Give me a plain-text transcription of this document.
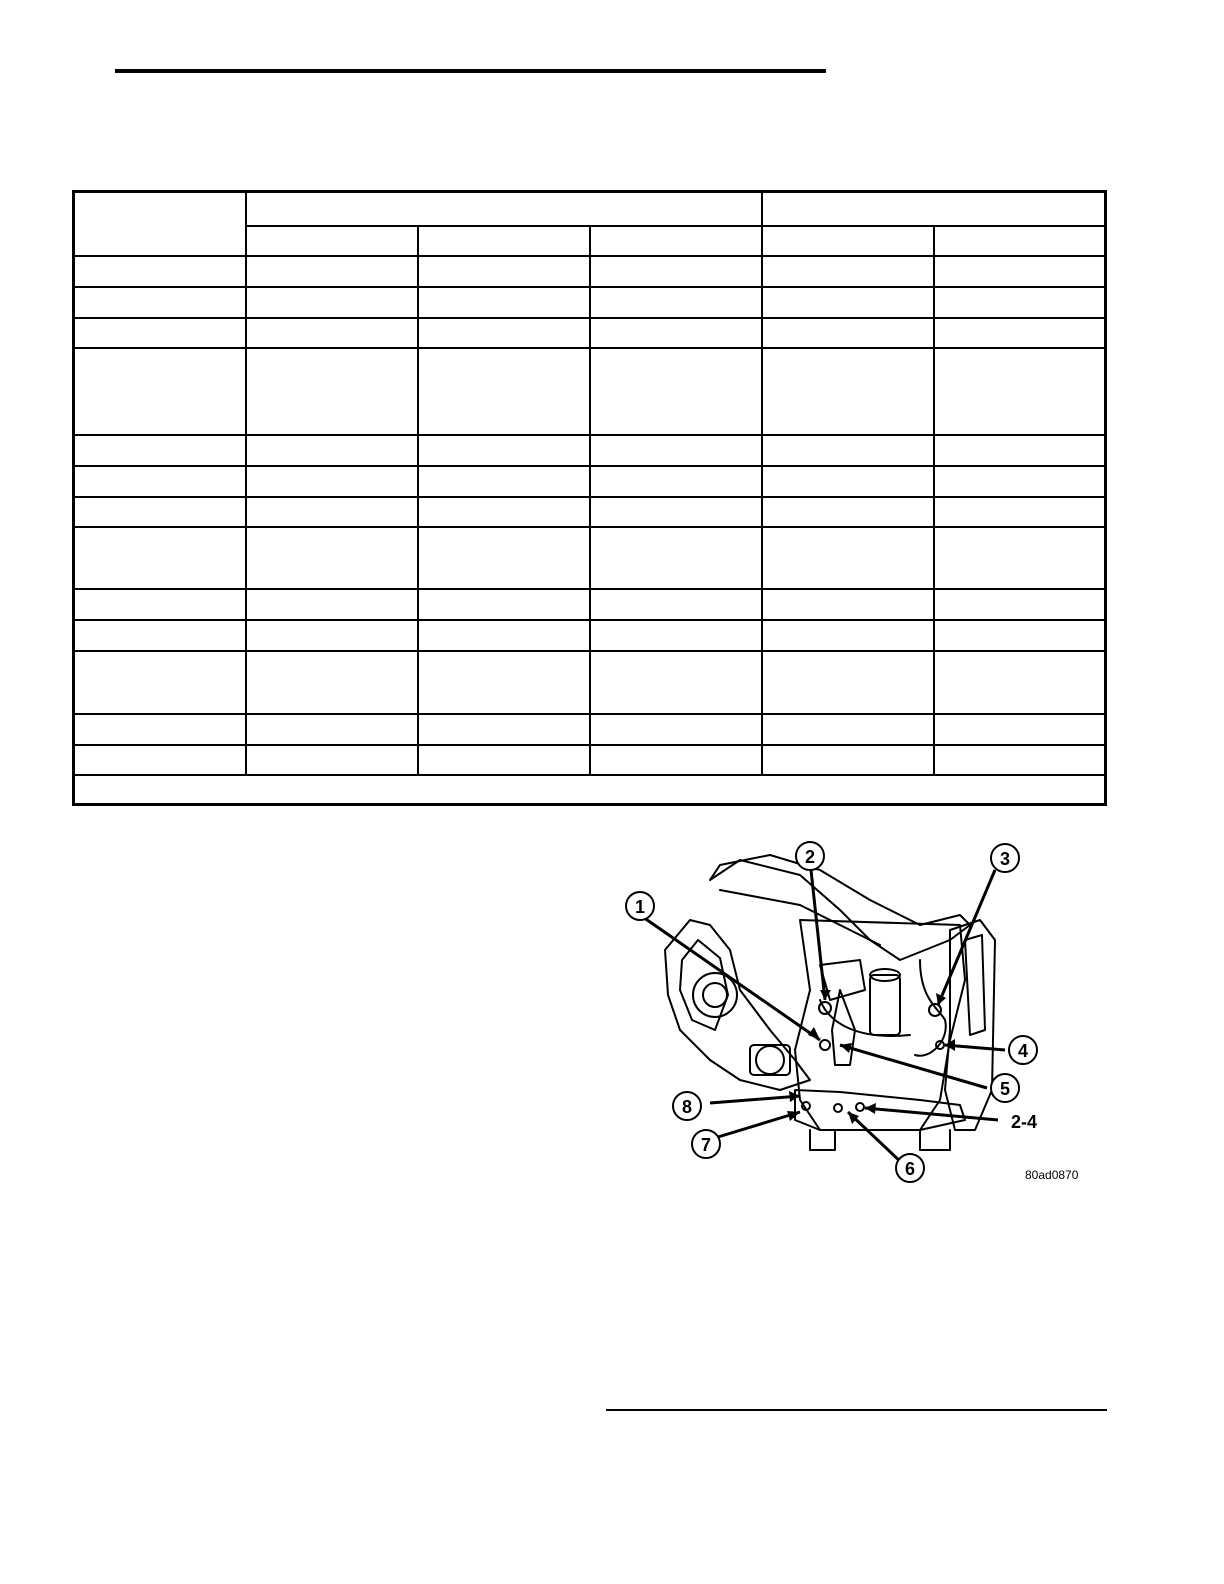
1
2	3
4
5
2-4
6
7
8
80ad0870
